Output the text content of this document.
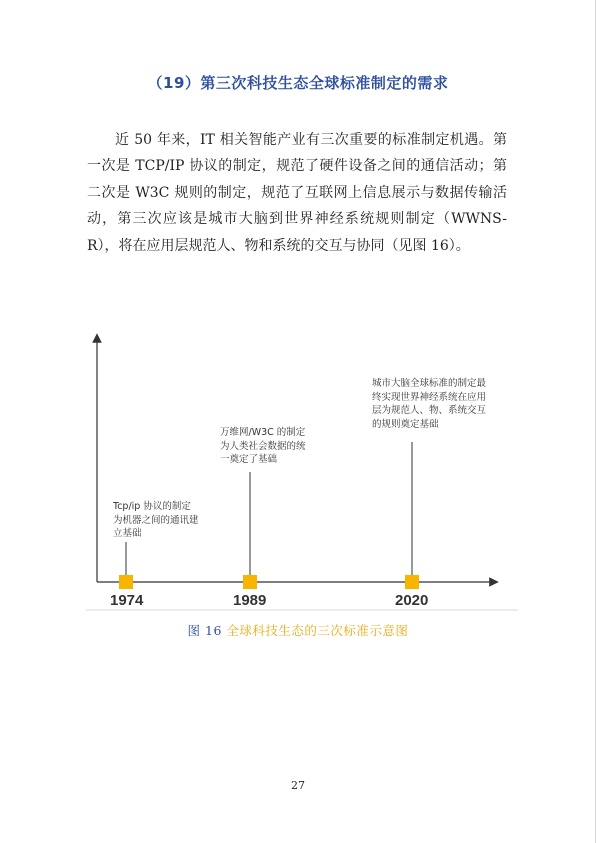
（19）第三次科技生态全球标准制定的需求

近 50 年来，IT 相关智能产业有三次重要的标准制定机遇。第一次是 TCP/IP 协议的制定，规范了硬件设备之间的通信活动；第二次是 W3C 规则的制定，规范了互联网上信息展示与数据传输活动，第三次应该是城市大脑到世界神经系统规则制定（WWNS-R），将在应用层规范人、物和系统的交互与协同（见图 16）。

Tcp/ip 协议的制定为机器之间的通讯建立基础
万维网/W3C 的制定为人类社会数据的统一奠定了基础
城市大脑全球标准的制定最终实现世界神经系统在应用层为规范人、物、系统交互的规则奠定基础
1974	1989	2020
图 16 全球科技生态的三次标准示意图
27
